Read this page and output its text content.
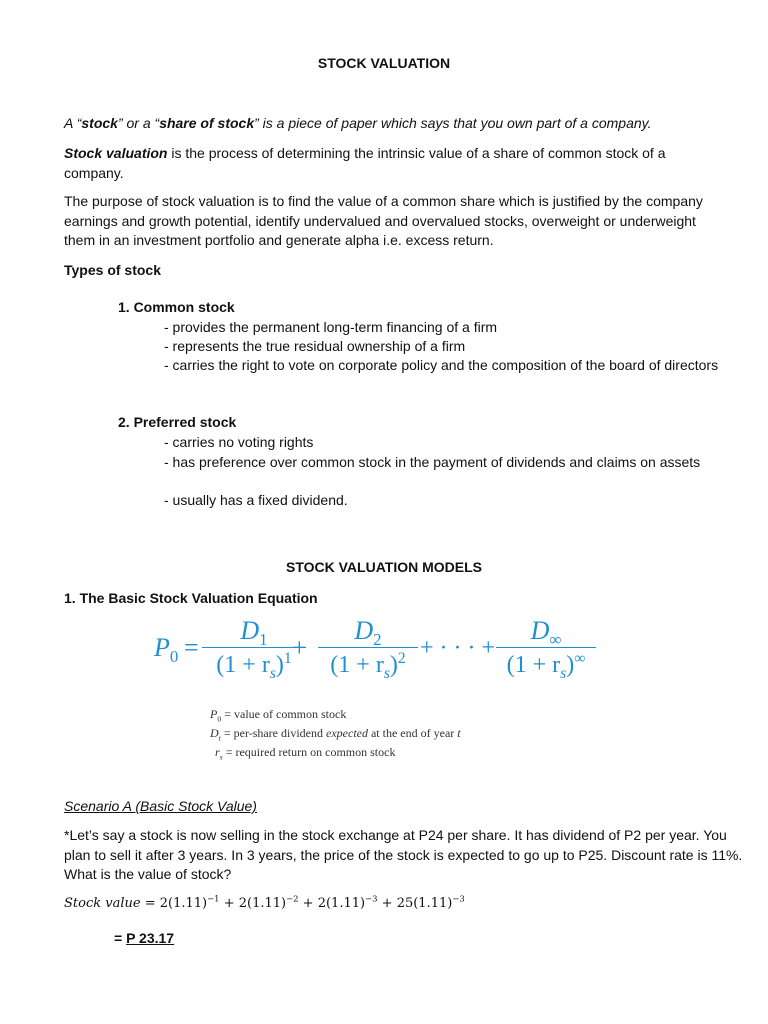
STOCK VALUATION
A “stock” or a “share of stock” is a piece of paper which says that you own part of a company.
Stock valuation is the process of determining the intrinsic value of a share of common stock of a company.
The purpose of stock valuation is to find the value of a common share which is justified by the company earnings and growth potential, identify undervalued and overvalued stocks, overweight or underweight them in an investment portfolio and generate alpha i.e. excess return.
Types of stock
1. Common stock
- provides the permanent long-term financing of a firm
- represents the true residual ownership of a firm
- carries the right to vote on corporate policy and the composition of the board of directors
2. Preferred stock
- carries no voting rights
- has preference over common stock in the payment of dividends and claims on assets
- usually has a fixed dividend.
STOCK VALUATION MODELS
1. The Basic Stock Valuation Equation
$P_0$ =
$D_1$
$(1 + r_s)^1$ +
$D_2$
$(1 + r_s)^2$ + · · · +
$D_\infty$
$(1 + r_s)^\infty$
$P_0$ = value of common stock
$D_t$ = per-share dividend expected at the end of year t
$r_s$ = required return on common stock
Scenario A (Basic Stock Value)
*Let’s say a stock is now selling in the stock exchange at P24 per share. It has dividend of P2 per year. You plan to sell it after 3 years. In 3 years, the price of the stock is expected to go up to P25. Discount rate is 11%. What is the value of stock?
Stock value = $2(1.11)^{-1} + 2(1.11)^{-2} + 2(1.11)^{-3} + 25(1.11)^{-3}$
= P 23.17
